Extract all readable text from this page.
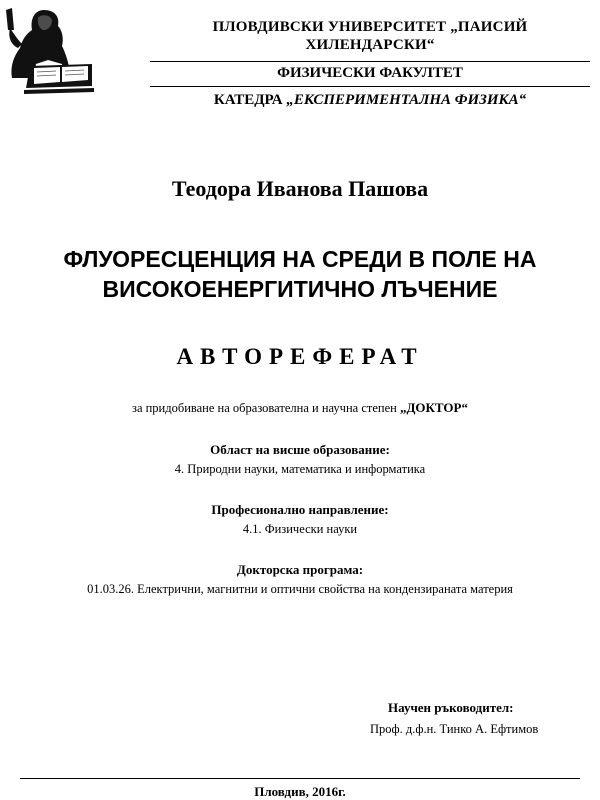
ПЛОВДИВСКИ УНИВЕРСИТЕТ „ПАИСИЙ
ХИЛЕНДАРСКИ“
ФИЗИЧЕСКИ ФАКУЛТЕТ
КАТЕДРА „ЕКСПЕРИМЕНТАЛНА ФИЗИКА“
Теодора Иванова Пашова
ФЛУОРЕСЦЕНЦИЯ НА СРЕДИ В ПОЛЕ НА
ВИСОКОЕНЕРГИТИЧНО ЛЪЧЕНИЕ
АВТОРЕФЕРАТ
за придобиване на образователна и научна степен „ДОКТОР“
Област на висше образование:
4. Природни науки, математика и информатика
Професионално направление:
4.1. Физически науки
Докторска програма:
01.03.26. Електрични, магнитни и оптични свойства на кондензираната материя
Научен ръководител:
Проф. д.ф.н. Тинко А. Ефтимов
Пловдив, 2016г.
